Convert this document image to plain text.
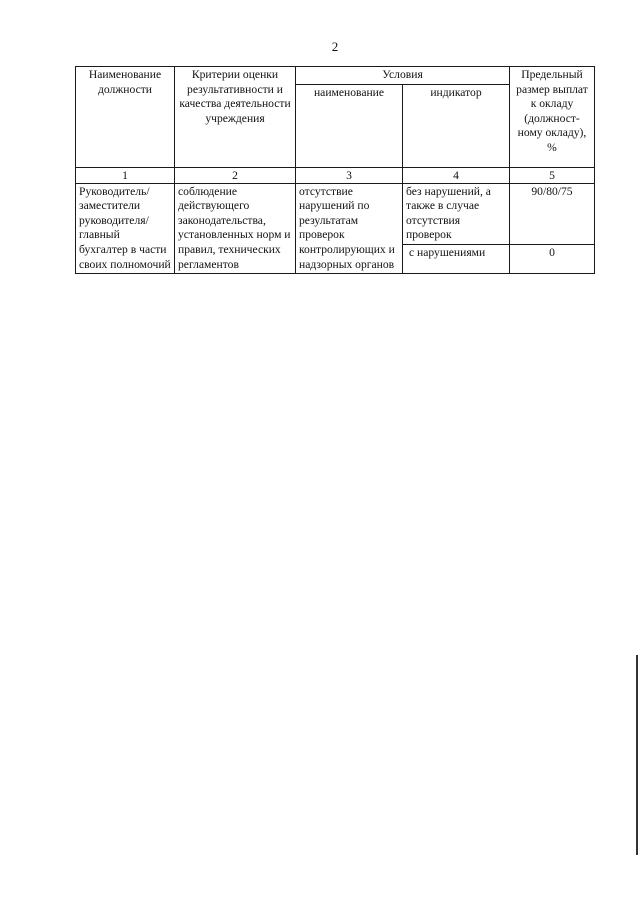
2
Наименование должности	Критерии оценки результативности и качества деятельности учреждения	Условия		Предельный размер выплат к окладу (должност-ному окладу), %
		наименование	индикатор	
1	2	3	4	5
Руководитель/ заместители руководителя/ главный бухгалтер в части своих полномочий	соблюдение действующего законодательства, установленных норм и правил, технических регламентов	отсутствие нарушений по результатам проверок контролирующих и надзорных органов	без нарушений, а также в случае отсутствия проверок	90/80/75
			с нарушениями	0
